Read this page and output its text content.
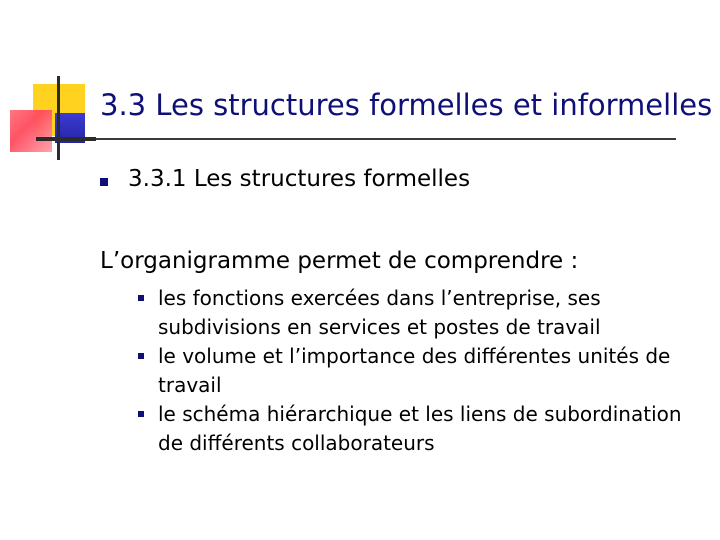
3.3 Les structures formelles et informelles
3.3.1 Les structures formelles
L’organigramme permet de comprendre :
les fonctions exercées dans l’entreprise, ses subdivisions en services et postes de travail
le volume et l’importance des différentes unités de travail
le schéma hiérarchique et les liens de subordination de différents collaborateurs
